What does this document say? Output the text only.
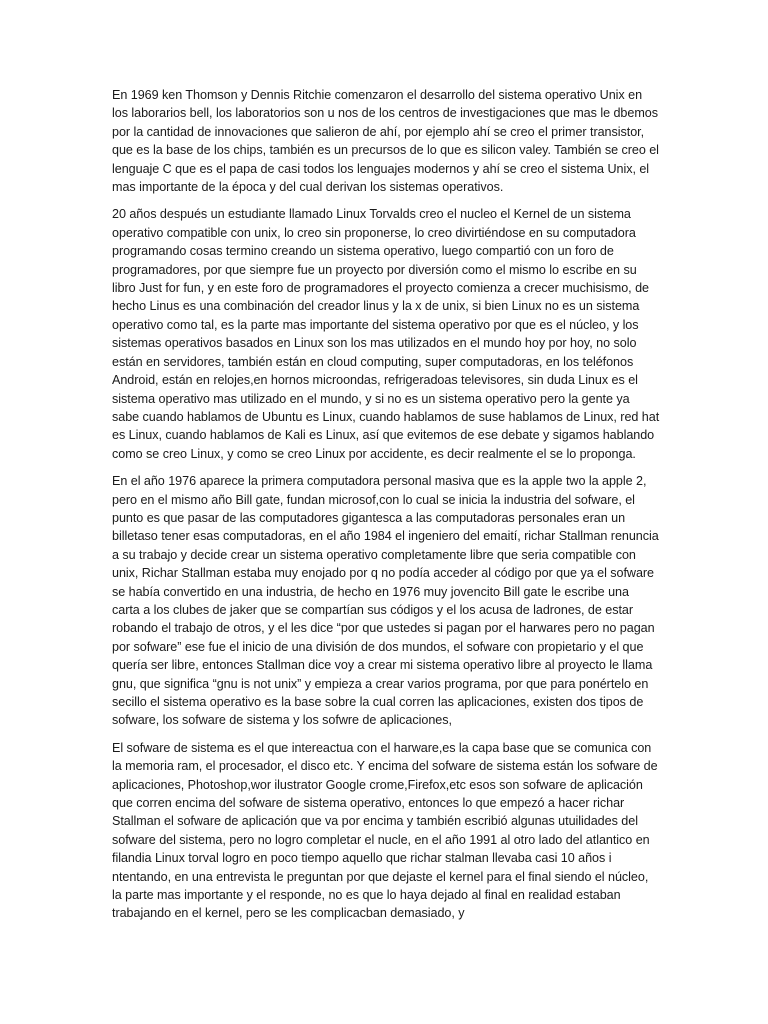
En 1969 ken Thomson y Dennis Ritchie comenzaron el desarrollo del sistema operativo Unix en los laborarios bell, los laboratorios son u nos de los centros de investigaciones que mas le dbemos por la cantidad de innovaciones que salieron de ahí, por ejemplo ahí se creo el primer transistor, que es la base de los chips, también es un precursos de lo que es silicon valey. También se creo el lenguaje C que es el papa de casi todos los lenguajes modernos y ahí se creo el sistema Unix, el mas importante de la época y del cual derivan los sistemas operativos.

20 años después un estudiante llamado Linux Torvalds creo el nucleo el Kernel de un sistema operativo compatible con unix, lo creo sin proponerse, lo creo divirtiéndose en su computadora programando cosas termino creando un sistema operativo, luego compartió con un foro de programadores, por que siempre fue un proyecto por diversión como el mismo lo escribe en su libro Just for fun, y en este foro de programadores el proyecto comienza a crecer muchisismo, de hecho Linus es una combinación del creador linus y la x de unix, si bien Linux no es un sistema operativo como tal, es la parte mas importante del sistema operativo por que es el núcleo, y los sistemas operativos basados en Linux son los mas utilizados en el mundo hoy por hoy, no solo están en servidores, también están en cloud computing, super computadoras, en los teléfonos Android, están en relojes,en hornos microondas, refrigeradoas televisores, sin duda Linux es el sistema operativo mas utilizado en el mundo, y si no es un sistema operativo pero la gente ya sabe cuando hablamos de Ubuntu es Linux, cuando hablamos de suse hablamos de Linux, red hat es Linux, cuando hablamos de Kali es Linux, así que evitemos de ese debate y sigamos hablando como se creo Linux, y como se creo Linux por accidente, es decir realmente el se lo proponga.

En el año 1976 aparece la primera computadora personal masiva que es la apple two la apple 2, pero en el mismo año Bill gate, fundan microsof,con lo cual se inicia la industria del sofware, el punto es que pasar de las computadores gigantesca a las computadoras personales eran un billetaso tener esas computadoras, en el año 1984 el ingeniero del emaití, richar Stallman renuncia a su trabajo y decide crear un sistema operativo completamente libre que seria compatible con unix, Richar Stallman estaba muy enojado por q no podía acceder al código por que ya el sofware se había convertido en una industria, de hecho en 1976 muy jovencito Bill gate le escribe una carta a los clubes de jaker que se compartían sus códigos y el los acusa de ladrones, de estar robando el trabajo de otros, y el les dice “por que ustedes si pagan por el harwares pero no pagan por sofware” ese fue el inicio de una división de dos mundos, el sofware con propietario y el que quería ser libre, entonces Stallman dice voy a crear mi sistema operativo libre al proyecto le llama gnu, que significa “gnu is not unix” y empieza a crear varios programa, por que para ponértelo en secillo el sistema operativo es la base sobre la cual corren las aplicaciones, existen dos tipos de sofware, los sofware de sistema y los sofwre de aplicaciones,

El sofware de sistema es el que intereactua con el harware,es la capa base que se comunica con la memoria ram, el procesador, el disco etc. Y encima del sofware de sistema están los sofware de aplicaciones, Photoshop,wor ilustrator Google crome,Firefox,etc esos son sofware de aplicación que corren encima del sofware de sistema operativo, entonces lo que empezó a hacer richar Stallman el sofware de aplicación que va por encima y también escribió algunas utuilidades del sofware del sistema, pero no logro completar el nucle, en el año 1991 al otro lado del atlantico en filandia Linux torval logro en poco tiempo aquello que richar stalman llevaba casi 10 años i ntentando, en una entrevista le preguntan por que dejaste el kernel para el final siendo el núcleo, la parte mas importante y el responde, no es que lo haya dejado al final en realidad estaban trabajando en el kernel, pero se les complicacban demasiado, y
